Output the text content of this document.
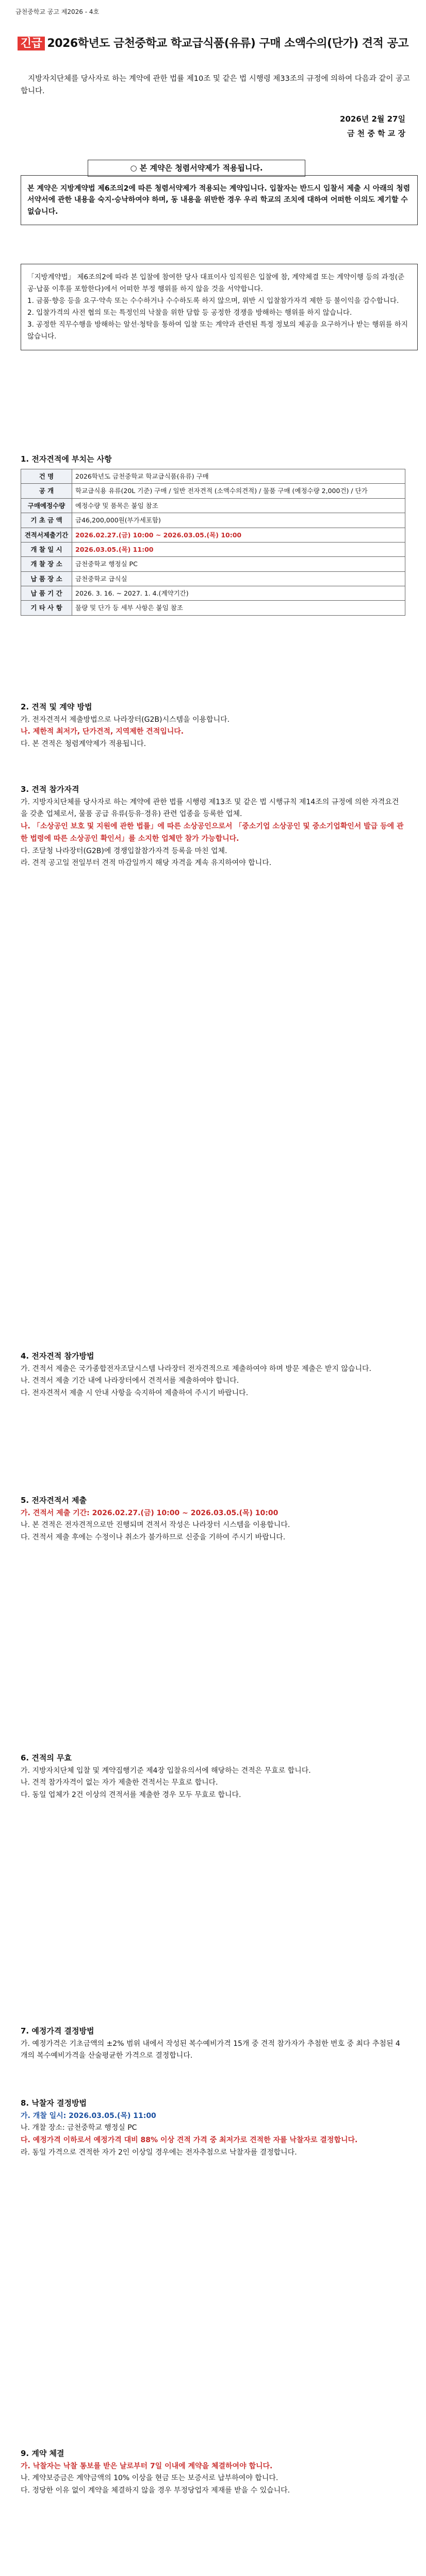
금천중학교 공고 제2026 - 4호
긴급 2026학년도 금천중학교 학교급식품(유류) 구매 소액수의(단가) 견적 공고

지방자치단체를 당사자로 하는 계약에 관한 법률 제10조 및 같은 법 시행령 제33조의 규정에 의하여 다음과 같이 공고합니다.

2026년 2월 27일
금 천 중 학 교 장
○ 본 계약은 청렴서약제가 적용됩니다.

본 계약은 지방계약법 제6조의2에 따른 청렴서약제가 적용되는 계약입니다. 입찰자는 반드시 입찰서 제출 시 아래의 청렴서약서에 관한 내용을 숙지·승낙하여야 하며, 동 내용을 위반한 경우 우리 학교의 조치에 대하여 어떠한 이의도 제기할 수 없습니다.

「지방계약법」 제6조의2에 따라 본 입찰에 참여한 당사 대표이사 임직원은 입찰에 참, 계약체결 또는 계약이행 등의 과정(준공·납품 이후를 포함한다)에서 어떠한 부정 행위를 하지 않을 것을 서약합니다.

1. 금품·향응 등을 요구·약속 또는 수수하거나 수수하도록 하지 않으며, 위반 시 입찰참가자격 제한 등 불이익을 감수합니다.

2. 입찰가격의 사전 협의 또는 특정인의 낙찰을 위한 담합 등 공정한 경쟁을 방해하는 행위를 하지 않습니다.

3. 공정한 직무수행을 방해하는 알선·청탁을 통하여 입찰 또는 계약과 관련된 특정 정보의 제공을 요구하거나 받는 행위를 하지 않습니다.

1. 전자견적에 부치는 사항
건 명	2026학년도 금천중학교 학교급식품(유류) 구매
공 개	학교급식용 유류(20L 기준) 구매 / 일반 전자견적 (소액수의견적) / 물품 구매 (예정수량 2,000건) / 단가
구매예정수량	예정수량 및 품목은 붙임 참조
기 초 금 액	금46,200,000원(부가세포함)
견적서제출기간	2026.02.27.(금) 10:00 ~ 2026.03.05.(목) 10:00
개 찰 일 시	2026.03.05.(목) 11:00
개 찰 장 소	금천중학교 행정실 PC
납 품 장 소	금천중학교 급식실
납 품 기 간	2026. 3. 16. ~ 2027. 1. 4.(계약기간)
기 타 사 항	물량 및 단가 등 세부 사항은 붙임 참조
2. 견적 및 계약 방법

가. 전자견적서 제출방법으로 나라장터(G2B)시스템을 이용합니다.

나. 제한적 최저가, 단가견적, 지역제한 견적입니다.

다. 본 견적은 청렴계약제가 적용됩니다.

3. 견적 참가자격

가. 지방자치단체를 당사자로 하는 계약에 관한 법률 시행령 제13조 및 같은 법 시행규칙 제14조의 규정에 의한 자격요건을 갖춘 업체로서, 물품 공급 유류(등유·경유) 관련 업종을 등록한 업체.

나. 「소상공인 보호 및 지원에 관한 법률」에 따른 소상공인으로서 「중소기업 소상공인 및 중소기업확인서 발급 등에 관한 법령에 따른 소상공인 확인서」를 소지한 업체만 참가 가능합니다.

다. 조달청 나라장터(G2B)에 경쟁입찰참가자격 등록을 마친 업체.

라. 견적 공고일 전일부터 견적 마감일까지 해당 자격을 계속 유지하여야 합니다.

4. 전자견적 참가방법

가. 견적서 제출은 국가종합전자조달시스템 나라장터 전자견적으로 제출하여야 하며 방문 제출은 받지 않습니다.

나. 견적서 제출 기간 내에 나라장터에서 견적서를 제출하여야 합니다.

다. 전자견적서 제출 시 안내 사항을 숙지하여 제출하여 주시기 바랍니다.

5. 전자견적서 제출

가. 견적서 제출 기간: 2026.02.27.(금) 10:00 ~ 2026.03.05.(목) 10:00

나. 본 견적은 전자견적으로만 진행되며 견적서 작성은 나라장터 시스템을 이용합니다.

다. 견적서 제출 후에는 수정이나 취소가 불가하므로 신중을 기하여 주시기 바랍니다.

6. 견적의 무효

가. 지방자치단체 입찰 및 계약집행기준 제4장 입찰유의서에 해당하는 견적은 무효로 합니다.

나. 견적 참가자격이 없는 자가 제출한 견적서는 무효로 합니다.

다. 동일 업체가 2건 이상의 견적서를 제출한 경우 모두 무효로 합니다.

7. 예정가격 결정방법

가. 예정가격은 기초금액의 ±2% 범위 내에서 작성된 복수예비가격 15개 중 견적 참가자가 추첨한 번호 중 최다 추첨된 4개의 복수예비가격을 산술평균한 가격으로 결정합니다.

8. 낙찰자 결정방법

가. 개찰 일시: 2026.03.05.(목) 11:00

나. 개찰 장소: 금천중학교 행정실 PC

다. 예정가격 이하로서 예정가격 대비 88% 이상 견적 가격 중 최저가로 견적한 자를 낙찰자로 결정합니다.

라. 동일 가격으로 견적한 자가 2인 이상일 경우에는 전자추첨으로 낙찰자를 결정합니다.

9. 계약 체결

가. 낙찰자는 낙찰 통보를 받은 날로부터 7일 이내에 계약을 체결하여야 합니다.

나. 계약보증금은 계약금액의 10% 이상을 현금 또는 보증서로 납부하여야 합니다.

다. 정당한 이유 없이 계약을 체결하지 않을 경우 부정당업자 제재를 받을 수 있습니다.
